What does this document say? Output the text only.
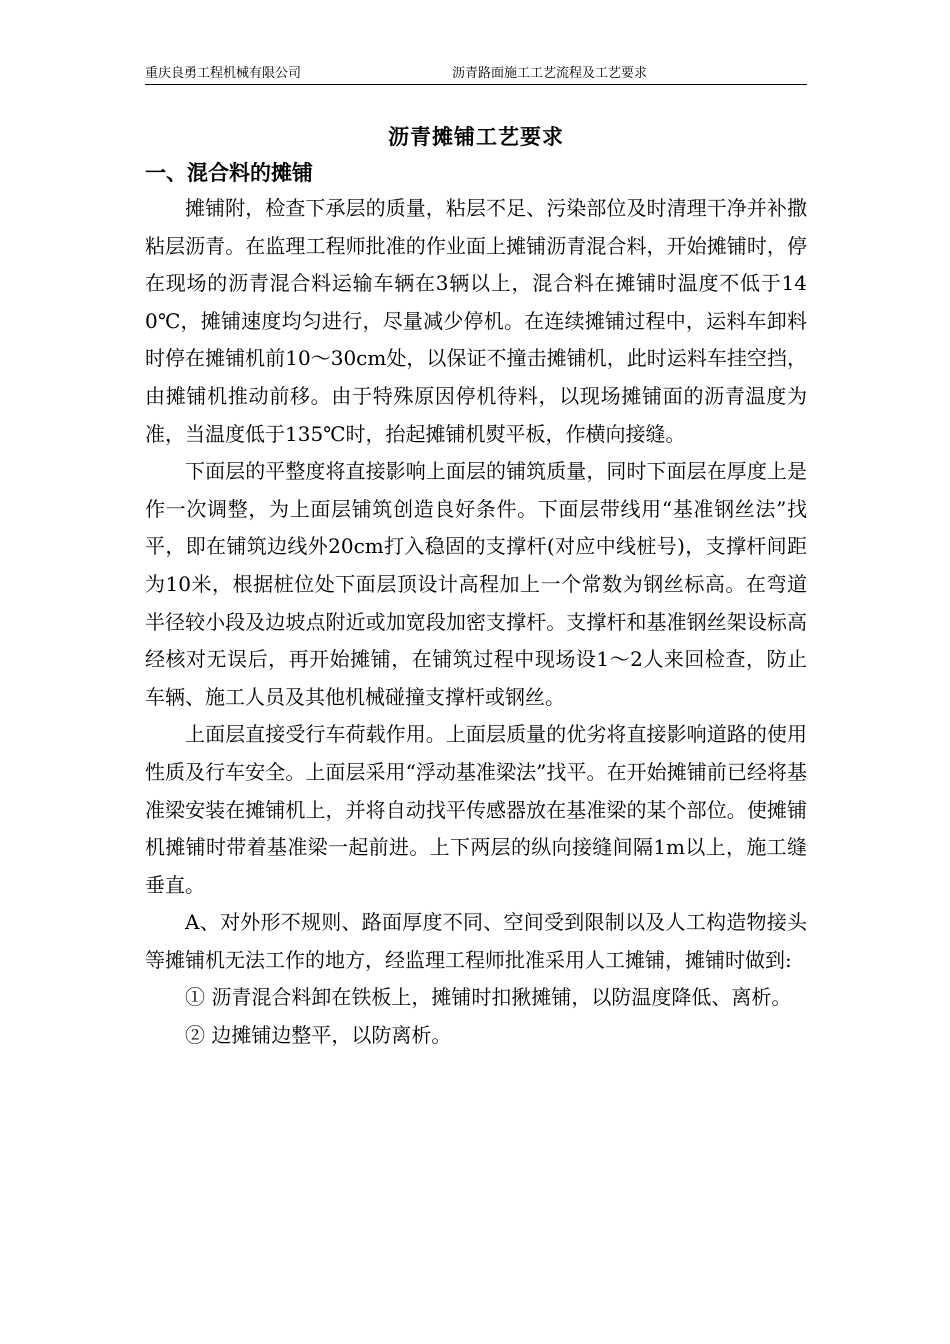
重庆良勇工程机械有限公司	沥青路面施工工艺流程及工艺要求
沥青摊铺工艺要求
一、混合料的摊铺

摊铺附，检查下承层的质量，粘层不足、污染部位及时清理干净并补撒粘层沥青。在监理工程师批准的作业面上摊铺沥青混合料，开始摊铺时，停在现场的沥青混合料运输车辆在3辆以上，混合料在摊铺时温度不低于140℃，摊铺速度均匀进行，尽量减少停机。在连续摊铺过程中，运料车卸料时停在摊铺机前10～30cm处，以保证不撞击摊铺机，此时运料车挂空挡，由摊铺机推动前移。由于特殊原因停机待料，以现场摊铺面的沥青温度为准，当温度低于135℃时，抬起摊铺机熨平板，作横向接缝。

下面层的平整度将直接影响上面层的铺筑质量，同时下面层在厚度上是作一次调整，为上面层铺筑创造良好条件。下面层带线用“基准钢丝法”找平，即在铺筑边线外20cm打入稳固的支撑杆(对应中线桩号)，支撑杆间距为10米，根据桩位处下面层顶设计高程加上一个常数为钢丝标高。在弯道半径较小段及边坡点附近或加宽段加密支撑杆。支撑杆和基准钢丝架设标高经核对无误后，再开始摊铺，在铺筑过程中现场设1～2人来回检查，防止车辆、施工人员及其他机械碰撞支撑杆或钢丝。

上面层直接受行车荷载作用。上面层质量的优劣将直接影响道路的使用性质及行车安全。上面层采用“浮动基准梁法”找平。在开始摊铺前已经将基准梁安装在摊铺机上，并将自动找平传感器放在基准梁的某个部位。使摊铺机摊铺时带着基准梁一起前进。上下两层的纵向接缝间隔1m以上，施工缝垂直。

A、对外形不规则、路面厚度不同、空间受到限制以及人工构造物接头等摊铺机无法工作的地方，经监理工程师批准采用人工摊铺，摊铺时做到:

① 沥青混合料卸在铁板上，摊铺时扣揪摊铺，以防温度降低、离析。

② 边摊铺边整平，以防离析。
